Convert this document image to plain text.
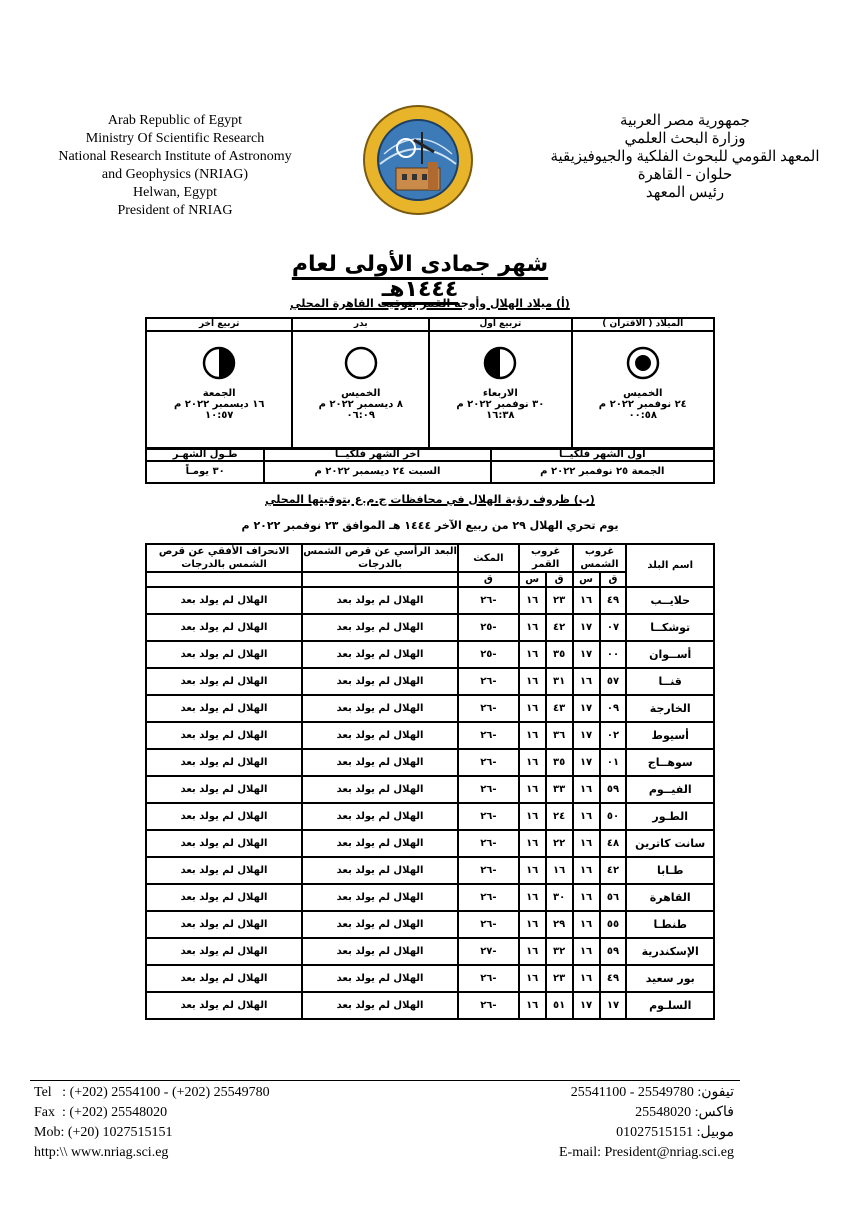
Arab Republic of Egypt
Ministry Of Scientific Research
National Research Institute of Astronomy
and Geophysics (NRIAG)
Helwan, Egypt
President of NRIAG
جمهورية مصر العربية
وزارة البحث العلمي
المعهد القومي للبحوث الفلكية والجيوفيزيقية
حلوان - القاهرة
رئيس المعهد
شهر جمادى الأولى لعام ١٤٤٤هـ
(أ) ميلاد الهلال وأوجه القمر بتوقيت القاهرة المحلي
الميلاد ( الاقتران )
الخميس
٢٤ نوفمبر ٢٠٢٢ م
٠٠:٥٨

تربيع أول
الاربعاء
٣٠ نوفمبر ٢٠٢٢ م
١٦:٣٨

بدر
الخميس
٨ ديسمبر ٢٠٢٢ م
٠٦:٠٩

تربيع آخر
الجمعة
١٦ ديسمبر ٢٠٢٢ م
١٠:٥٧
أول الشهر فلكيــا	آخر الشهر فلكيــا	طـول الشهـر
الجمعة ٢٥ نوفمبر ٢٠٢٢ م	السبت ٢٤ ديسمبر ٢٠٢٢ م	٣٠ يومـاً
(ب) ظروف رؤية الهلال في محافظات ج.م.ع بتوقيتها المحلي
يوم تحري الهلال ٢٩ من ربيع الآخر ١٤٤٤ هـ الموافق ٢٣ نوفمبر ٢٠٢٢ م
اسم البلد	غروب الشمس		غروب القمر		المكث	البعد الرأسي عن قرص الشمس بالدرجات	الانحراف الأفقي عن قرص الشمس بالدرجات
	ق	س	ق	س	ق		
حلايــب	٤٩	١٦	٢٣	١٦	-٢٦	الهلال لم يولد بعد	الهلال لم يولد بعد
توشكــا	٠٧	١٧	٤٢	١٦	-٢٥	الهلال لم يولد بعد	الهلال لم يولد بعد
أســوان	٠٠	١٧	٣٥	١٦	-٢٥	الهلال لم يولد بعد	الهلال لم يولد بعد
قنــا	٥٧	١٦	٣١	١٦	-٢٦	الهلال لم يولد بعد	الهلال لم يولد بعد
الخارجة	٠٩	١٧	٤٣	١٦	-٢٦	الهلال لم يولد بعد	الهلال لم يولد بعد
أسيوط	٠٢	١٧	٣٦	١٦	-٢٦	الهلال لم يولد بعد	الهلال لم يولد بعد
سوهــاج	٠١	١٧	٣٥	١٦	-٢٦	الهلال لم يولد بعد	الهلال لم يولد بعد
الفيــوم	٥٩	١٦	٣٣	١٦	-٢٦	الهلال لم يولد بعد	الهلال لم يولد بعد
الطـور	٥٠	١٦	٢٤	١٦	-٢٦	الهلال لم يولد بعد	الهلال لم يولد بعد
سانت كاترين	٤٨	١٦	٢٢	١٦	-٢٦	الهلال لم يولد بعد	الهلال لم يولد بعد
طـابا	٤٢	١٦	١٦	١٦	-٢٦	الهلال لم يولد بعد	الهلال لم يولد بعد
القاهرة	٥٦	١٦	٣٠	١٦	-٢٦	الهلال لم يولد بعد	الهلال لم يولد بعد
طنطـا	٥٥	١٦	٢٩	١٦	-٢٦	الهلال لم يولد بعد	الهلال لم يولد بعد
الإسكندرية	٥٩	١٦	٣٢	١٦	-٢٧	الهلال لم يولد بعد	الهلال لم يولد بعد
بور سعيد	٤٩	١٦	٢٣	١٦	-٢٦	الهلال لم يولد بعد	الهلال لم يولد بعد
السلـوم	١٧	١٧	٥١	١٦	-٢٦	الهلال لم يولد بعد	الهلال لم يولد بعد
Tel   : (+202) 2554100 - (+202) 25549780
Fax  : (+202) 25548020
Mob: (+20) 1027515151
http:\\ www.nriag.sci.eg
تيفون: 25549780 - 25541100
فاكس: 25548020
موبيل: 01027515151
E-mail: President@nriag.sci.eg
